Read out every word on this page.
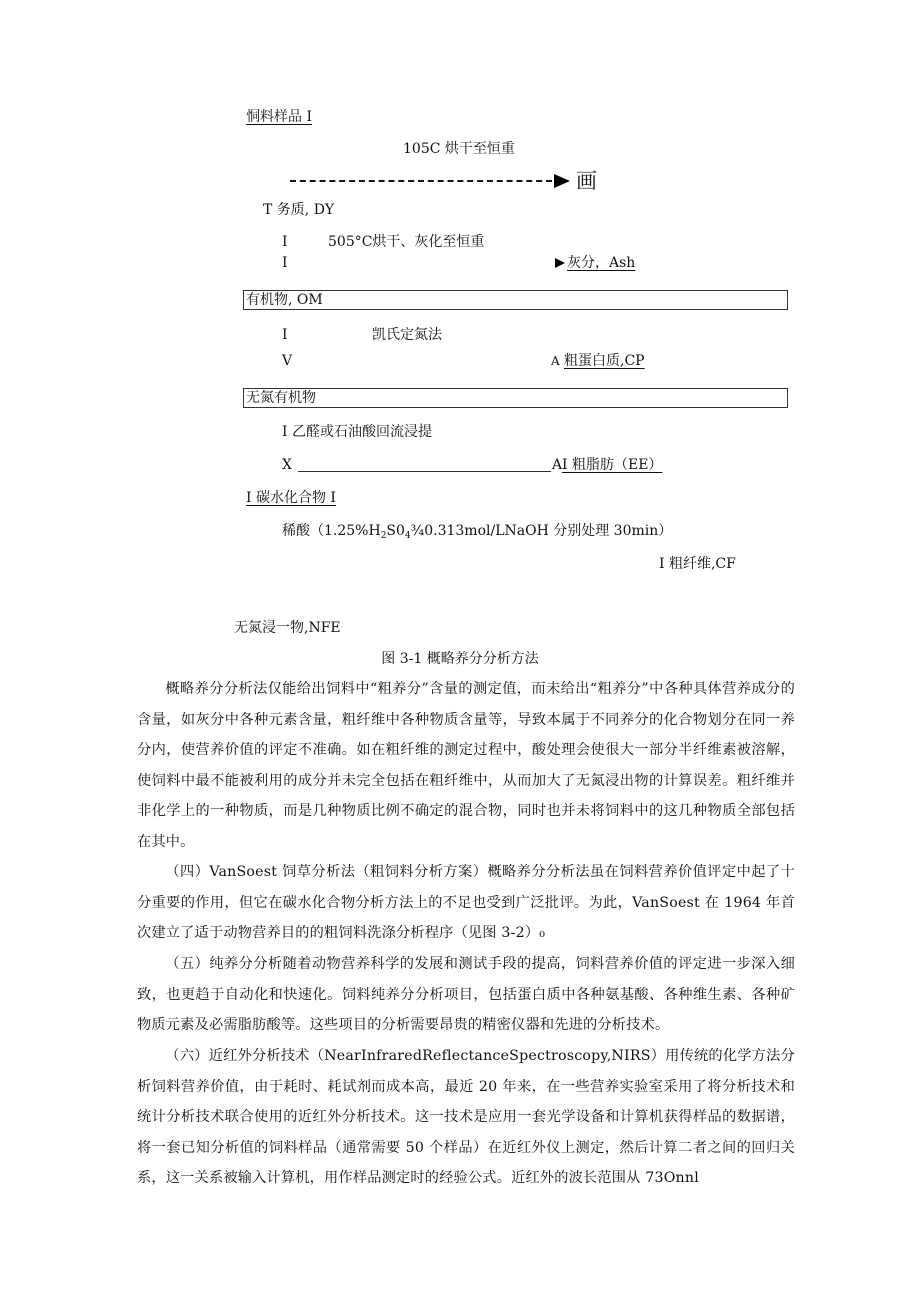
恫料样品 I
105C 烘干至恒重
画
T 务质, DY
I	505°C烘干、灰化至恒重
I	灰分，Ash
有机物, OM
I	凯氏定氮法
V	A 粗蛋白质,CP
无氮有机物
I 乙醛或石油酸回流浸提
X	A I 粗脂肪（EE）
I 碳水化合物 I
稀酸（$1.25\%H_2S0_4\frac{3}{4}0.313mol$/LNaOH 分别处理 30min）
I 粗纤维,CF
无氮浸一物,NFE
图 3-1 概略养分分析方法

概略养分分析法仅能给出饲料中“粗养分”含量的测定值，而未给出“粗养分”中各种具体营养成分的含量，如灰分中各种元素含量，粗纤维中各种物质含量等，导致本属于不同养分的化合物划分在同一养分内，使营养价值的评定不准确。如在粗纤维的测定过程中，酸处理会使很大一部分半纤维素被溶解，使饲料中最不能被利用的成分并未完全包括在粗纤维中，从而加大了无氮浸出物的计算误差。粗纤维并非化学上的一种物质，而是几种物质比例不确定的混合物，同时也并未将饲料中的这几种物质全部包括在其中。

（四）VanSoest 饲草分析法（粗饲料分析方案）概略养分分析法虽在饲料营养价值评定中起了十分重要的作用，但它在碳水化合物分析方法上的不足也受到广泛批评。为此，VanSoest 在 1964 年首次建立了适于动物营养目的的粗饲料洗涤分析程序（见图 3-2）₀

（五）纯养分分析随着动物营养科学的发展和测试手段的提高，饲料营养价值的评定进一步深入细致，也更趋于自动化和快速化。饲料纯养分分析项目，包括蛋白质中各种氨基酸、各种维生素、各种矿物质元素及必需脂肪酸等。这些项目的分析需要昂贵的精密仪器和先进的分析技术。

（六）近红外分析技术（NearInfraredReflectanceSpectroscopy,NIRS）用传统的化学方法分析饲料营养价值，由于耗时、耗试剂而成本高，最近 20 年来，在一些营养实验室采用了将分析技术和统计分析技术联合使用的近红外分析技术。这一技术是应用一套光学设备和计算机获得样品的数据谱，将一套已知分析值的饲料样品（通常需要 50 个样品）在近红外仪上测定，然后计算二者之间的回归关系，这一关系被输入计算机，用作样品测定时的经验公式。近红外的波长范围从 73Onnl
